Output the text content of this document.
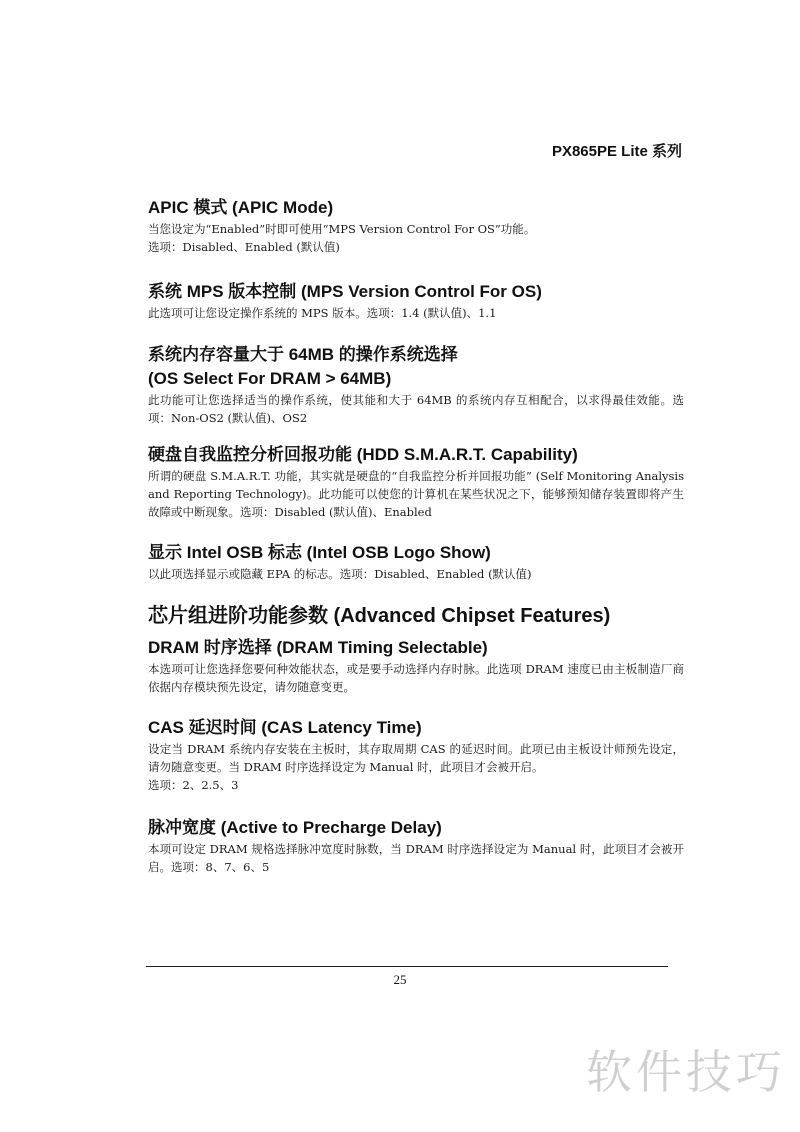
PX865PE Lite 系列
APIC 模式 (APIC Mode)

当您设定为“Enabled”时即可使用“MPS Version Control For OS”功能。

选项：Disabled、Enabled (默认值)

系统 MPS 版本控制 (MPS Version Control For OS)

此选项可让您设定操作系统的 MPS 版本。选项：1.4 (默认值)、1.1

系统内存容量大于 64MB 的操作系统选择
(OS Select For DRAM > 64MB)

此功能可让您选择适当的操作系统，使其能和大于 64MB 的系统内存互相配合，以求得最佳效能。选项：Non-OS2 (默认值)、OS2

硬盘自我监控分析回报功能 (HDD S.M.A.R.T. Capability)

所谓的硬盘 S.M.A.R.T. 功能，其实就是硬盘的“自我监控分析并回报功能” (Self Monitoring Analysis and Reporting Technology)。此功能可以使您的计算机在某些状况之下，能够预知储存装置即将产生故障或中断现象。选项：Disabled (默认值)、Enabled

显示 Intel OSB 标志 (Intel OSB Logo Show)

以此项选择显示或隐藏 EPA 的标志。选项：Disabled、Enabled (默认值)

芯片组进阶功能参数 (Advanced Chipset Features)
DRAM 时序选择 (DRAM Timing Selectable)

本选项可让您选择您要何种效能状态，或是要手动选择内存时脉。此选项 DRAM 速度已由主板制造厂商依据内存模块预先设定，请勿随意变更。

CAS 延迟时间 (CAS Latency Time)

设定当 DRAM 系统内存安装在主板时，其存取周期 CAS 的延迟时间。此项已由主板设计师预先设定，请勿随意变更。当 DRAM 时序选择设定为 Manual 时，此项目才会被开启。

选项：2、2.5、3

脉冲宽度 (Active to Precharge Delay)

本项可设定 DRAM 规格选择脉冲宽度时脉数，当 DRAM 时序选择设定为 Manual 时，此项目才会被开启。选项：8、7、6、5

25
软件技巧
